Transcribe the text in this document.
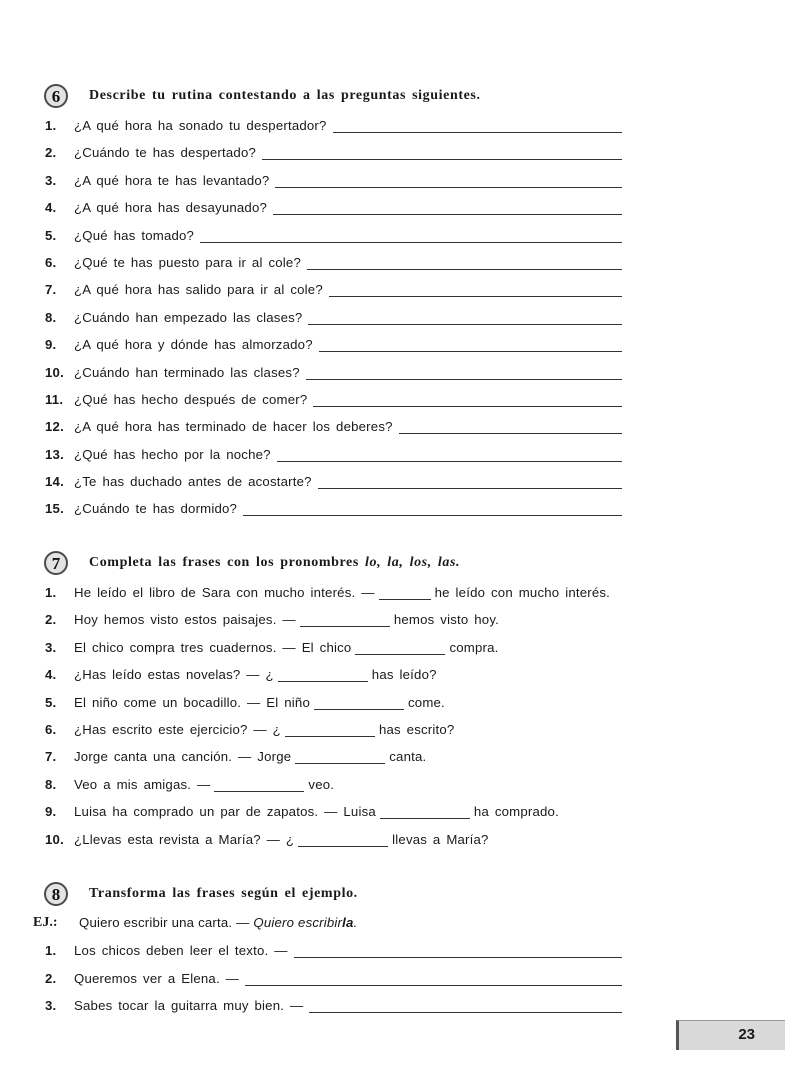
6	Describe tu rutina contestando a las preguntas siguientes.
1. ¿A qué hora ha sonado tu despertador?
2. ¿Cuándo te has despertado?
3. ¿A qué hora te has levantado?
4. ¿A qué hora has desayunado?
5. ¿Qué has tomado?
6. ¿Qué te has puesto para ir al cole?
7. ¿A qué hora has salido para ir al cole?
8. ¿Cuándo han empezado las clases?
9. ¿A qué hora y dónde has almorzado?
10. ¿Cuándo han terminado las clases?
11. ¿Qué has hecho después de comer?
12. ¿A qué hora has terminado de hacer los deberes?
13. ¿Qué has hecho por la noche?
14. ¿Te has duchado antes de acostarte?
15. ¿Cuándo te has dormido?
7	Completa las frases con los pronombres lo, la, los, las.
1. He leído el libro de Sara con mucho interés. —	he leído con mucho interés.
2. Hoy hemos visto estos paisajes. —	hemos visto hoy.
3. El chico compra tres cuadernos. — El chico	compra.
4. ¿Has leído estas novelas? — ¿	has leído?
5. El niño come un bocadillo. — El niño	come.
6. ¿Has escrito este ejercicio? — ¿	has escrito?
7. Jorge canta una canción. — Jorge	canta.
8. Veo a mis amigas. —	veo.
9. Luisa ha comprado un par de zapatos. — Luisa	ha comprado.
10. ¿Llevas esta revista a María? — ¿	llevas a María?
8	Transforma las frases según el ejemplo.
EJ.: Quiero escribir una carta. — Quiero escribirla.
1. Los chicos deben leer el texto. —
2. Queremos ver a Elena. —
3. Sabes tocar la guitarra muy bien. —
23
